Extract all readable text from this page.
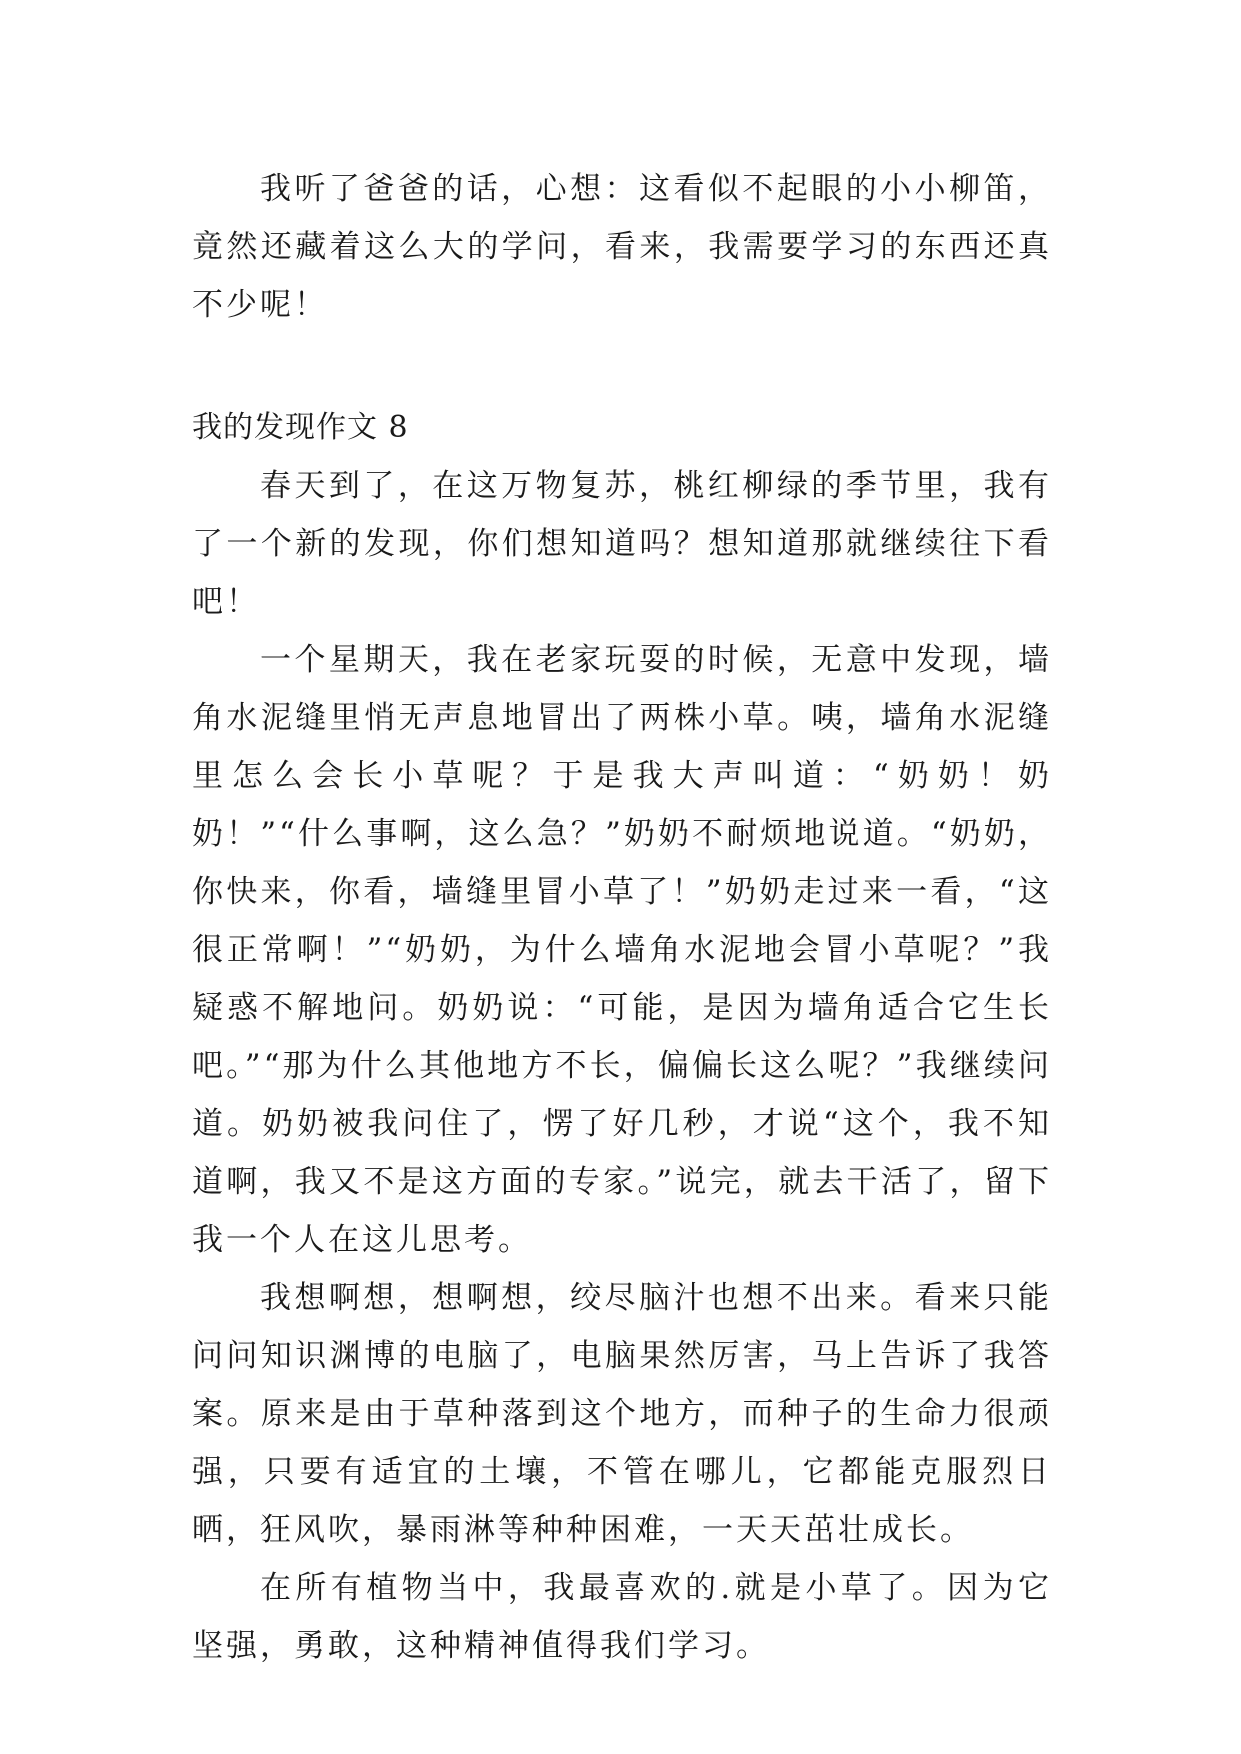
我听了爸爸的话，心想：这看似不起眼的小小柳笛，竟然还藏着这么大的学问，看来，我需要学习的东西还真不少呢！

我的发现作文 8

春天到了，在这万物复苏，桃红柳绿的季节里，我有了一个新的发现，你们想知道吗？想知道那就继续往下看吧！

一个星期天，我在老家玩耍的时候，无意中发现，墙角水泥缝里悄无声息地冒出了两株小草。咦，墙角水泥缝里怎么会长小草呢？于是我大声叫道：“奶奶！奶奶！”“什么事啊，这么急？”奶奶不耐烦地说道。“奶奶，你快来，你看，墙缝里冒小草了！”奶奶走过来一看，“这很正常啊！”“奶奶，为什么墙角水泥地会冒小草呢？”我疑惑不解地问。奶奶说：“可能，是因为墙角适合它生长吧。”“那为什么其他地方不长，偏偏长这么呢？”我继续问道。奶奶被我问住了，愣了好几秒，才说“这个，我不知道啊，我又不是这方面的专家。”说完，就去干活了，留下我一个人在这儿思考。

我想啊想，想啊想，绞尽脑汁也想不出来。看来只能问问知识渊博的电脑了，电脑果然厉害，马上告诉了我答案。原来是由于草种落到这个地方，而种子的生命力很顽强，只要有适宜的土壤，不管在哪儿，它都能克服烈日晒，狂风吹，暴雨淋等种种困难，一天天茁壮成长。

在所有植物当中，我最喜欢的.就是小草了。因为它坚强，勇敢，这种精神值得我们学习。
